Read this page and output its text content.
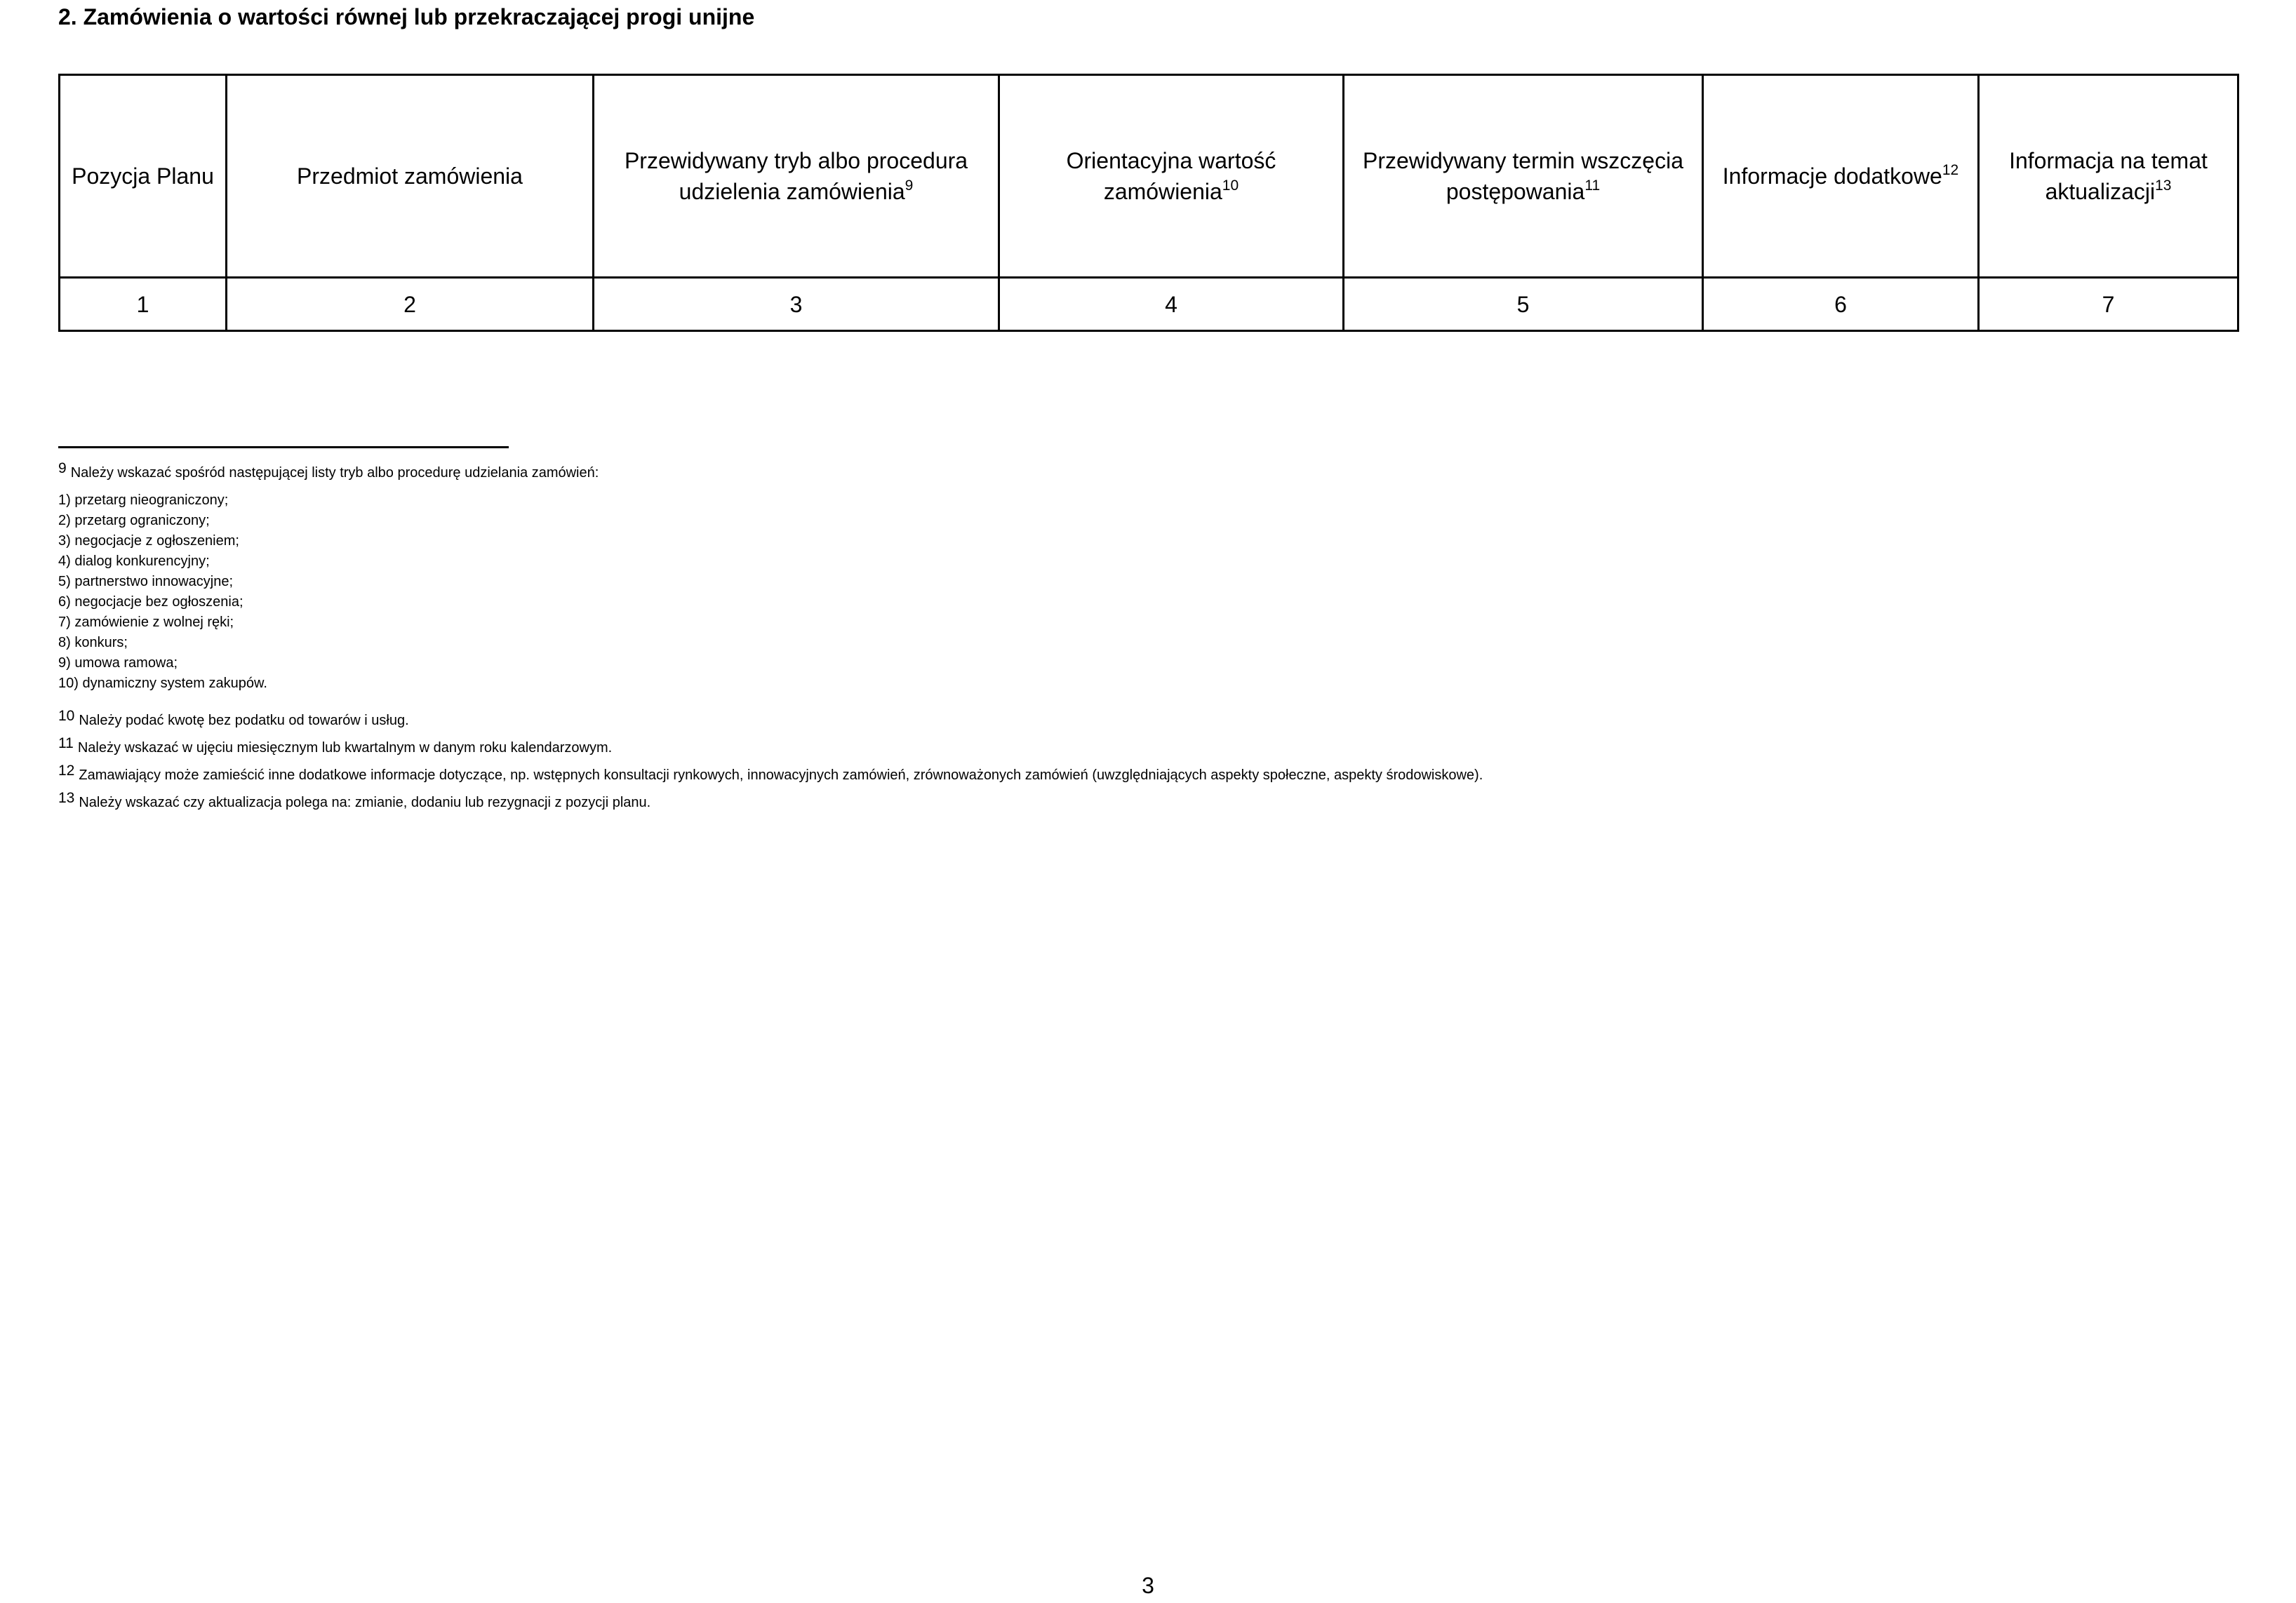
2. Zamówienia o wartości równej lub przekraczającej progi unijne
Pozycja Planu	Przedmiot zamówienia	Przewidywany tryb albo procedura udzielenia zamówienia$^9$	Orientacyjna wartość zamówienia$^{10}$	Przewidywany termin wszczęcia postępowania$^{11}$	Informacje dodatkowe$^{12}$	Informacja na temat aktualizacji$^{13}$
1	2	3	4	5	6	7
9 Należy wskazać spośród następującej listy tryb albo procedurę udzielania zamówień:
1) przetarg nieograniczony;
2) przetarg ograniczony;
3) negocjacje z ogłoszeniem;
4) dialog konkurencyjny;
5) partnerstwo innowacyjne;
6) negocjacje bez ogłoszenia;
7) zamówienie z wolnej ręki;
8) konkurs;
9) umowa ramowa;
10) dynamiczny system zakupów.
10 Należy podać kwotę bez podatku od towarów i usług.
11 Należy wskazać w ujęciu miesięcznym lub kwartalnym w danym roku kalendarzowym.
12 Zamawiający może zamieścić inne dodatkowe informacje dotyczące, np. wstępnych konsultacji rynkowych, innowacyjnych zamówień, zrównoważonych zamówień (uwzględniających aspekty społeczne, aspekty środowiskowe).
13 Należy wskazać czy aktualizacja polega na: zmianie, dodaniu lub rezygnacji z pozycji planu.
3
